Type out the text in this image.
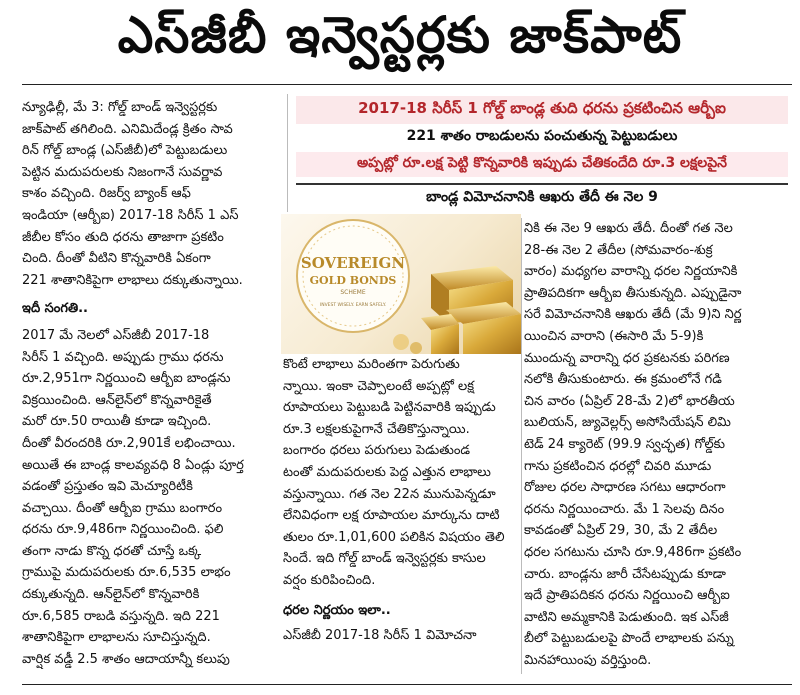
ఎస్‌జీబీ ఇన్వెస్టర్లకు జాక్‌పాట్‌
న్యూఢిల్లీ, మే 3: గోల్డ్‌ బాండ్‌ ఇన్వెస్టర్లకు
జాక్‌పాట్‌ తగిలింది. ఎనిమిదేండ్ల క్రితం సావ
రిన్‌ గోల్డ్‌ బాండ్ల (ఎస్‌జీబీ)లో పెట్టుబడులు
పెట్టిన మదుపరులకు నిజంగానే సువర్ణావ
కాశం వచ్చింది. రిజర్వ్‌ బ్యాంక్‌ ఆఫ్‌
ఇండియా (ఆర్బీఐ) 2017-18 సిరీస్‌ 1 ఎస్‌
జీబీల కోసం తుది ధరను తాజాగా ప్రకటిం
చింది. దీంతో వీటిని కొన్నవారికి ఏకంగా
221 శాతానికిపైగా లాభాలు దక్కుతున్నాయి.
ఇదీ సంగతి..
2017 మే నెలలో ఎస్‌జీబీ 2017-18
సిరీస్‌ 1 వచ్చింది. అప్పుడు గ్రాము ధరను
రూ.2,951గా నిర్ణయించి ఆర్బీఐ బాండ్లను
విక్రయించింది. ఆన్‌లైన్‌లో కొన్నవారికైతే
మరో రూ.50 రాయితీ కూడా ఇచ్చింది.
దీంతో వీరందరికి రూ.2,901కే లభించాయి.
అయితే ఈ బాండ్ల కాలవ్యవధి 8 ఏండ్లు పూర్త
వడంతో ప్రస్తుతం ఇవి మెచ్యూరిటీకి
వచ్చాయి. దీంతో ఆర్బీఐ గ్రాము బంగారం
ధరను రూ.9,486గా నిర్ణయించింది. ఫలి
తంగా నాడు కొన్న ధరతో చూస్తే ఒక్క
గ్రాముపై మదుపరులకు రూ.6,535 లాభం
దక్కుతున్నది. ఆన్‌లైన్‌లో కొన్నవారికి
రూ.6,585 రాబడి వస్తున్నది. ఇది 221
శాతానికిపైగా లాభాలను సూచిస్తున్నది.
వార్షిక వడ్డీ 2.5 శాతం ఆదాయాన్నీ కలుపు
2017-18 సిరీస్‌ 1 గోల్డ్‌ బాండ్ల తుది ధరను ప్రకటించిన ఆర్బీఐ
221 శాతం రాబడులను పంచుతున్న పెట్టుబడులు
అప్పట్లో రూ.లక్ష పెట్టి కొన్నవారికి ఇప్పుడు చేతికందేది రూ.3 లక్షలపైనే
బాండ్ల విమోచనానికి ఆఖరు తేదీ ఈ నెల 9
SOVEREIGN
GOLD BONDS
SCHEME
INVEST WISELY. EARN SAFELY.
కొంటే లాభాలు మరింతగా పెరుగుతు
న్నాయి. ఇంకా చెప్పాలంటే అప్పట్లో లక్ష
రూపాయలు పెట్టుబడి పెట్టినవారికి ఇప్పుడు
రూ.3 లక్షలకుపైగానే చేతికొస్తున్నాయి.
బంగారం ధరలు పరుగులు పెడుతుండ
టంతో మదుపరులకు పెద్ద ఎత్తున లాభాలు
వస్తున్నాయి. గత నెల 22న మునుపెన్నడూ
లేనివిధంగా లక్ష రూపాయల మార్కును దాటి
తులం రూ.1,01,600 పలికిన విషయం తెలి
సిందే. ఇది గోల్డ్‌ బాండ్‌ ఇన్వెస్టర్లకు కాసుల
వర్షం కురిపించింది.
ధరల నిర్ణయం ఇలా..
ఎస్‌జీబీ 2017-18 సిరీస్‌ 1 విమోచనా
నికి ఈ నెల 9 ఆఖరు తేదీ. దీంతో గత నెల
28-ఈ నెల 2 తేదీల (సోమవారం-శుక్ర
వారం) మధ్యగల వారాన్ని ధరల నిర్ణయానికి
ప్రాతిపదికగా ఆర్బీఐ తీసుకున్నది. ఎప్పుడైనా
సరే విమోచనానికి ఆఖరు తేదీ (మే 9)ని నిర్ణ
యించిన వారాని (ఈసారి మే 5-9)కి
ముందున్న వారాన్ని ధర ప్రకటనకు పరిగణ
నలోకి తీసుకుంటారు. ఈ క్రమంలోనే గడి
చిన వారం (ఏప్రిల్‌ 28-మే 2)లో భారతీయ
బులియన్‌, జ్యువెల్లర్స్‌ అసోసియేషన్‌ లిమి
టెడ్‌ 24 క్యారెట్‌ (99.9 స్వచ్ఛత) గోల్డ్‌కు
గాను ప్రకటించిన ధరల్లో చివరి మూడు
రోజుల ధరల సాధారణ సగటు ఆధారంగా
ధరను నిర్ణయించారు. మే 1 సెలవు దినం
కావడంతో ఏప్రిల్‌ 29, 30, మే 2 తేదీల
ధరల సగటును చూసి రూ.9,486గా ప్రకటిం
చారు. బాండ్లను జారీ చేసేటప్పుడు కూడా
ఇదే ప్రాతిపదికన ధరను నిర్ణయించి ఆర్బీఐ
వాటిని అమ్మకానికి పెడుతుంది. ఇక ఎస్‌జీ
బీలో పెట్టుబడులపై పొందే లాభాలకు పన్ను
మినహాయింపు వర్తిస్తుంది.
